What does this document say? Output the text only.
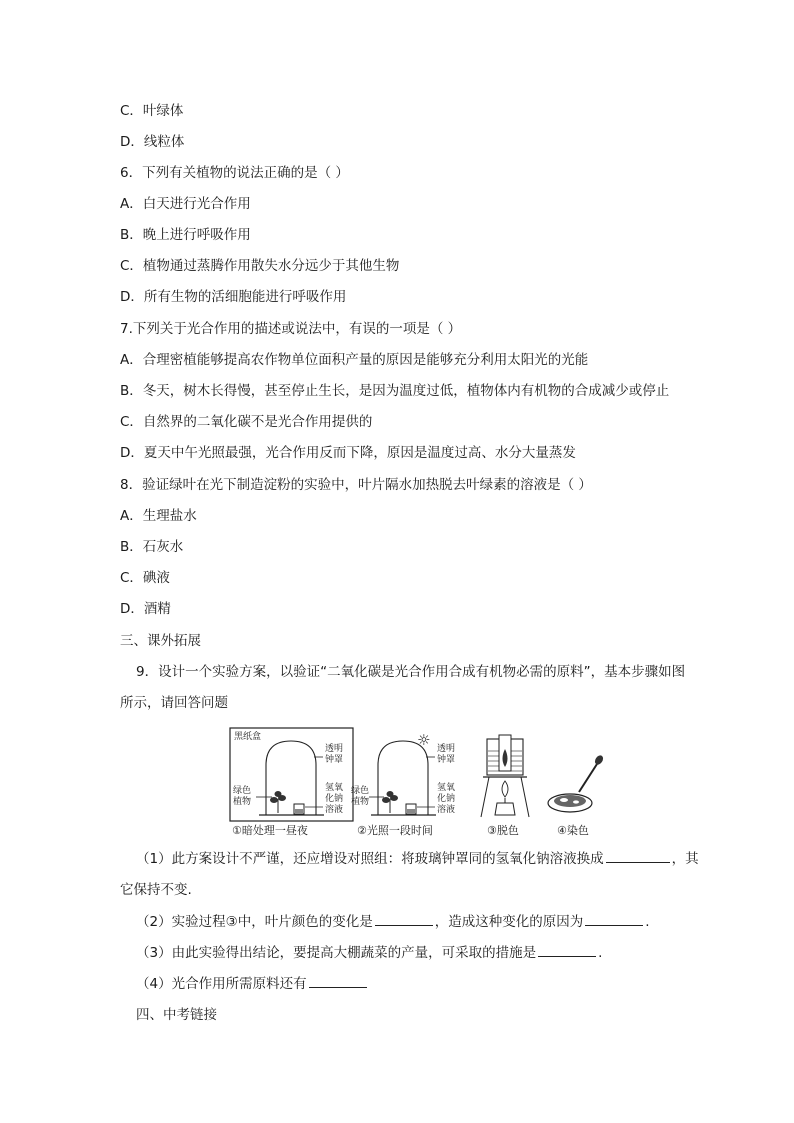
C．叶绿体
D．线粒体
6．下列有关植物的说法正确的是（ ）
A．白天进行光合作用
B．晚上进行呼吸作用
C．植物通过蒸腾作用散失水分远少于其他生物
D．所有生物的活细胞能进行呼吸作用
7.下列关于光合作用的描述或说法中，有误的一项是（ ）
A．合理密植能够提高农作物单位面积产量的原因是能够充分利用太阳光的光能
B．冬天，树木长得慢，甚至停止生长，是因为温度过低，植物体内有机物的合成减少或停止
C．自然界的二氧化碳不是光合作用提供的
D．夏天中午光照最强，光合作用反而下降，原因是温度过高、水分大量蒸发
8．验证绿叶在光下制造淀粉的实验中，叶片隔水加热脱去叶绿素的溶液是（ ）
A．生理盐水
B．石灰水
C．碘液
D．酒精
三、课外拓展
9．设计一个实验方案，以验证“二氧化碳是光合作用合成有机物必需的原料”，基本步骤如图
所示，请回答问题
黑纸盒
透明
钟罩
绿色
植物
氢氧
化钠
溶液
①暗处理一昼夜
☼ 透明
钟罩
绿色
植物
氢氧
化钠
溶液
②光照一段时间	③脱色	④染色
（1）此方案设计不严谨，还应增设对照组：将玻璃钟罩同的氢氧化钠溶液换成	，其
它保持不变.
（2）实验过程③中，叶片颜色的变化是	，造成这种变化的原因为	.
（3）由此实验得出结论，要提高大棚蔬菜的产量，可采取的措施是	.
（4）光合作用所需原料还有
四、中考链接
